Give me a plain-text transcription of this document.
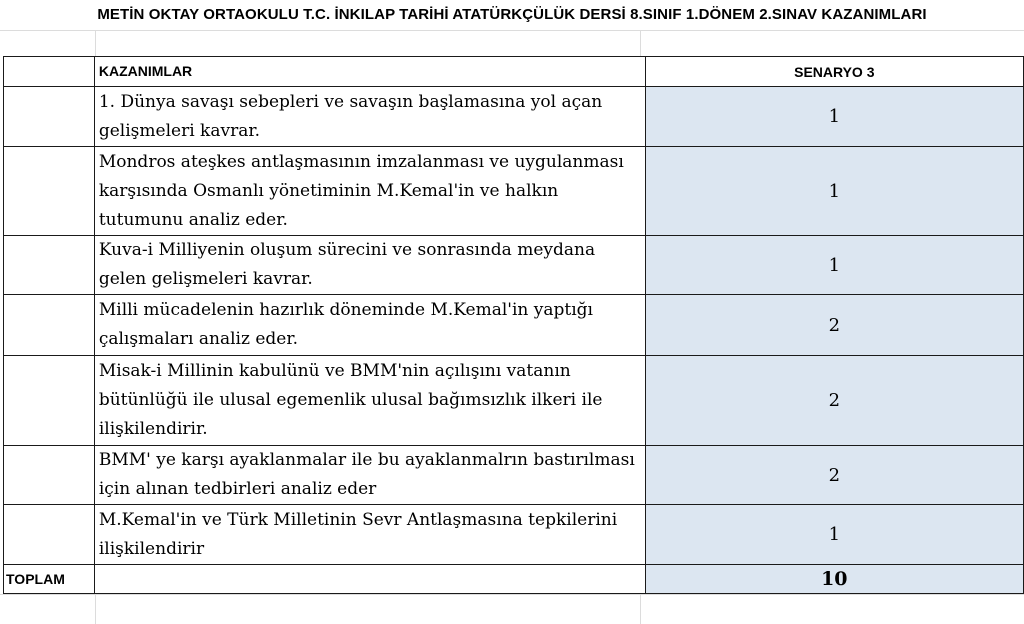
METİN OKTAY ORTAOKULU T.C. İNKILAP TARİHİ ATATÜRKÇÜLÜK DERSİ 8.SINIF 1.DÖNEM 2.SINAV KAZANIMLARI
	KAZANIMLAR	SENARYO 3
	1. Dünya savaşı sebepleri ve savaşın başlamasına yol açan gelişmeleri kavrar.	1
	Mondros ateşkes antlaşmasının imzalanması ve uygulanması karşısında Osmanlı yönetiminin M.Kemal'in ve halkın tutumunu analiz eder.	1
	Kuva-i Milliyenin oluşum sürecini ve sonrasında meydana gelen gelişmeleri kavrar.	1
	Milli mücadelenin hazırlık döneminde M.Kemal'in yaptığı çalışmaları analiz eder.	2
	Misak-i Millinin kabulünü ve BMM'nin açılışını vatanın bütünlüğü ile ulusal egemenlik ulusal bağımsızlık ilkeri ile ilişkilendirir.	2
	BMM' ye karşı ayaklanmalar ile bu ayaklanmalrın bastırılması için alınan tedbirleri analiz eder	2
	M.Kemal'in ve Türk Milletinin Sevr Antlaşmasına tepkilerini ilişkilendirir	1
TOPLAM		10
